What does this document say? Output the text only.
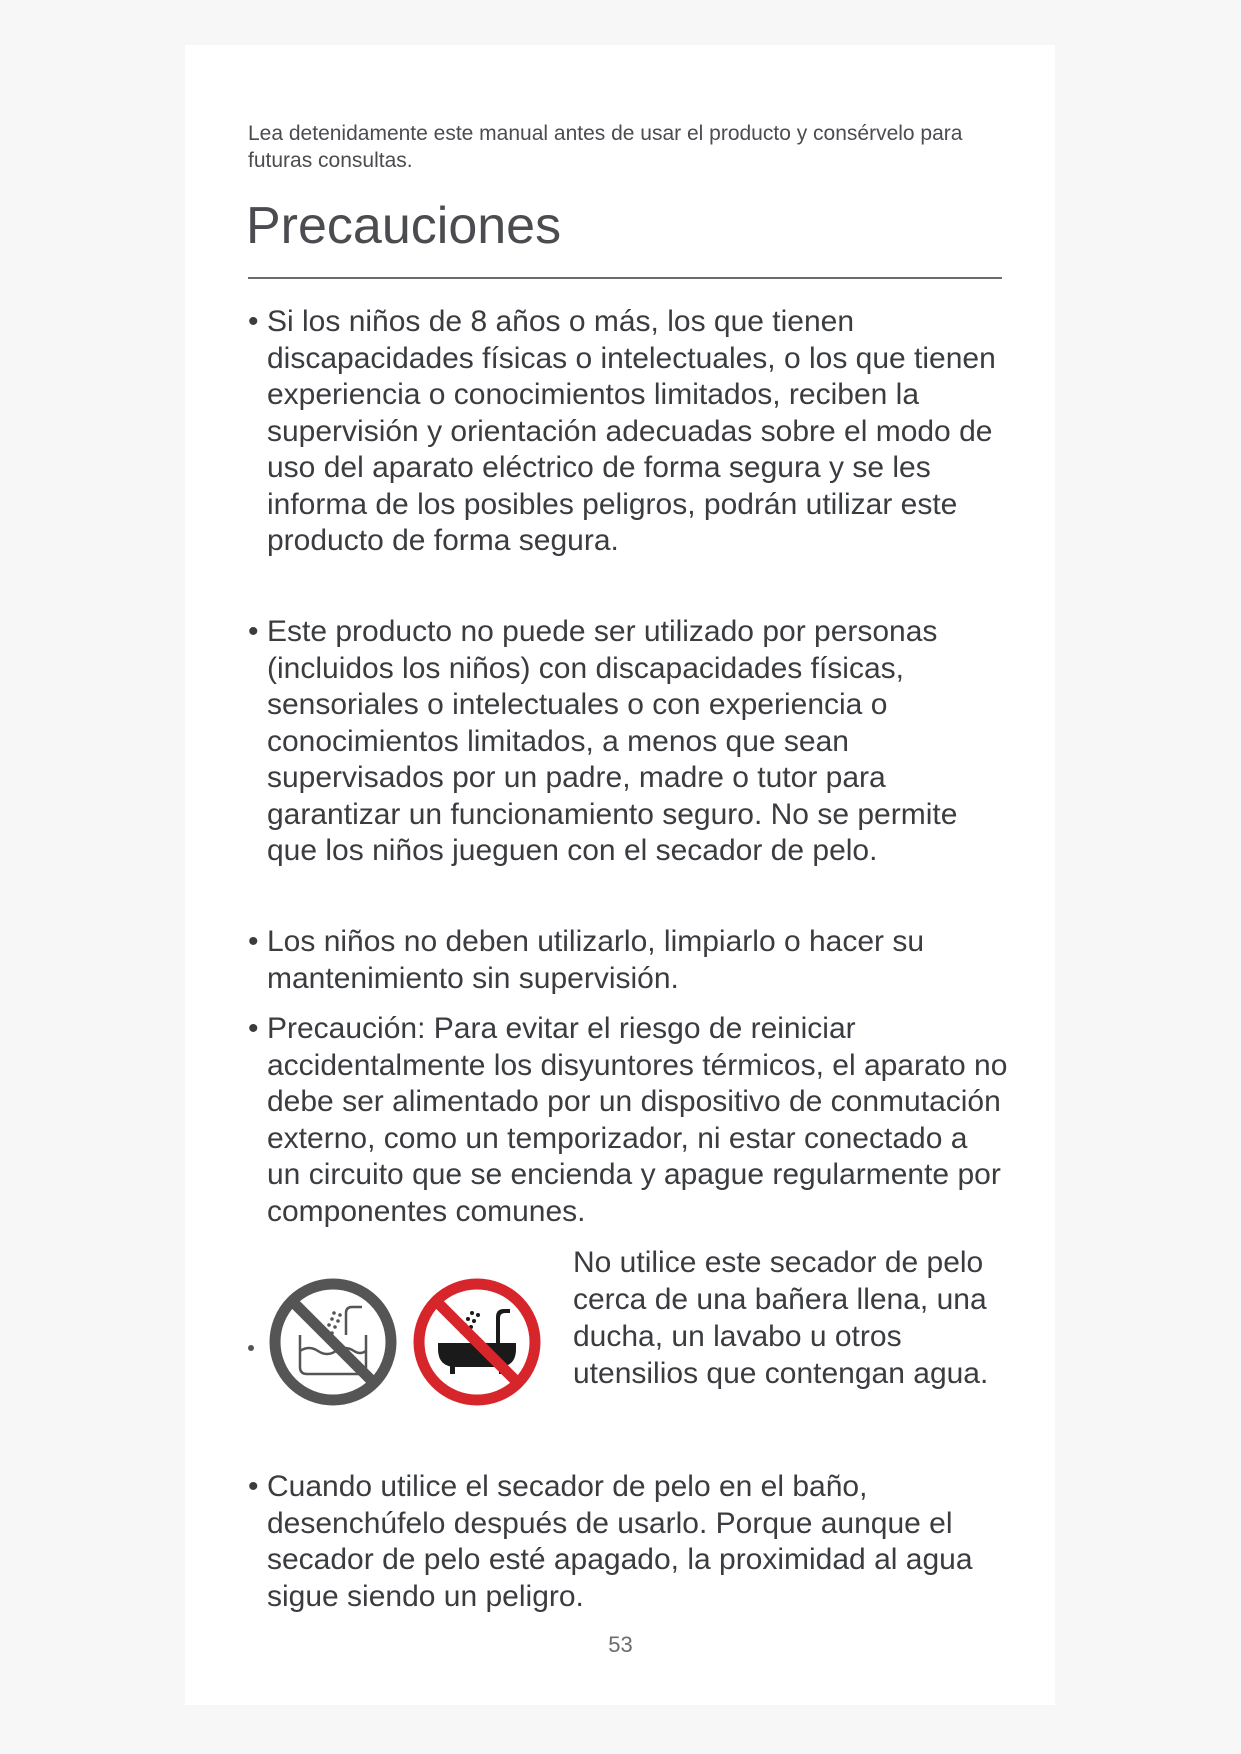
Lea detenidamente este manual antes de usar el producto y consérvelo para futuras consultas.
Precauciones
• Si los niños de 8 años o más, los que tienen discapacidades físicas o intelectuales, o los que tienen experiencia o conocimientos limitados, reciben la supervisión y orientación adecuadas sobre el modo de uso del aparato eléctrico de forma segura y se les informa de los posibles peligros, podrán utilizar este producto de forma segura.
• Este producto no puede ser utilizado por personas (incluidos los niños) con discapacidades físicas, sensoriales o intelectuales o con experiencia o conocimientos limitados, a menos que sean supervisados por un padre, madre o tutor para garantizar un funcionamiento seguro. No se permite que los niños jueguen con el secador de pelo.
• Los niños no deben utilizarlo, limpiarlo o hacer su mantenimiento sin supervisión.
• Precaución: Para evitar el riesgo de reiniciar accidentalmente los disyuntores térmicos, el aparato no debe ser alimentado por un dispositivo de conmutación externo, como un temporizador, ni estar conectado a un circuito que se encienda y apague regularmente por componentes comunes.
No utilice este secador de pelo cerca de una bañera llena, una ducha, un lavabo u otros utensilios que contengan agua.
• Cuando utilice el secador de pelo en el baño, desenchúfelo después de usarlo. Porque aunque el secador de pelo esté apagado, la proximidad al agua sigue siendo un peligro.
53
